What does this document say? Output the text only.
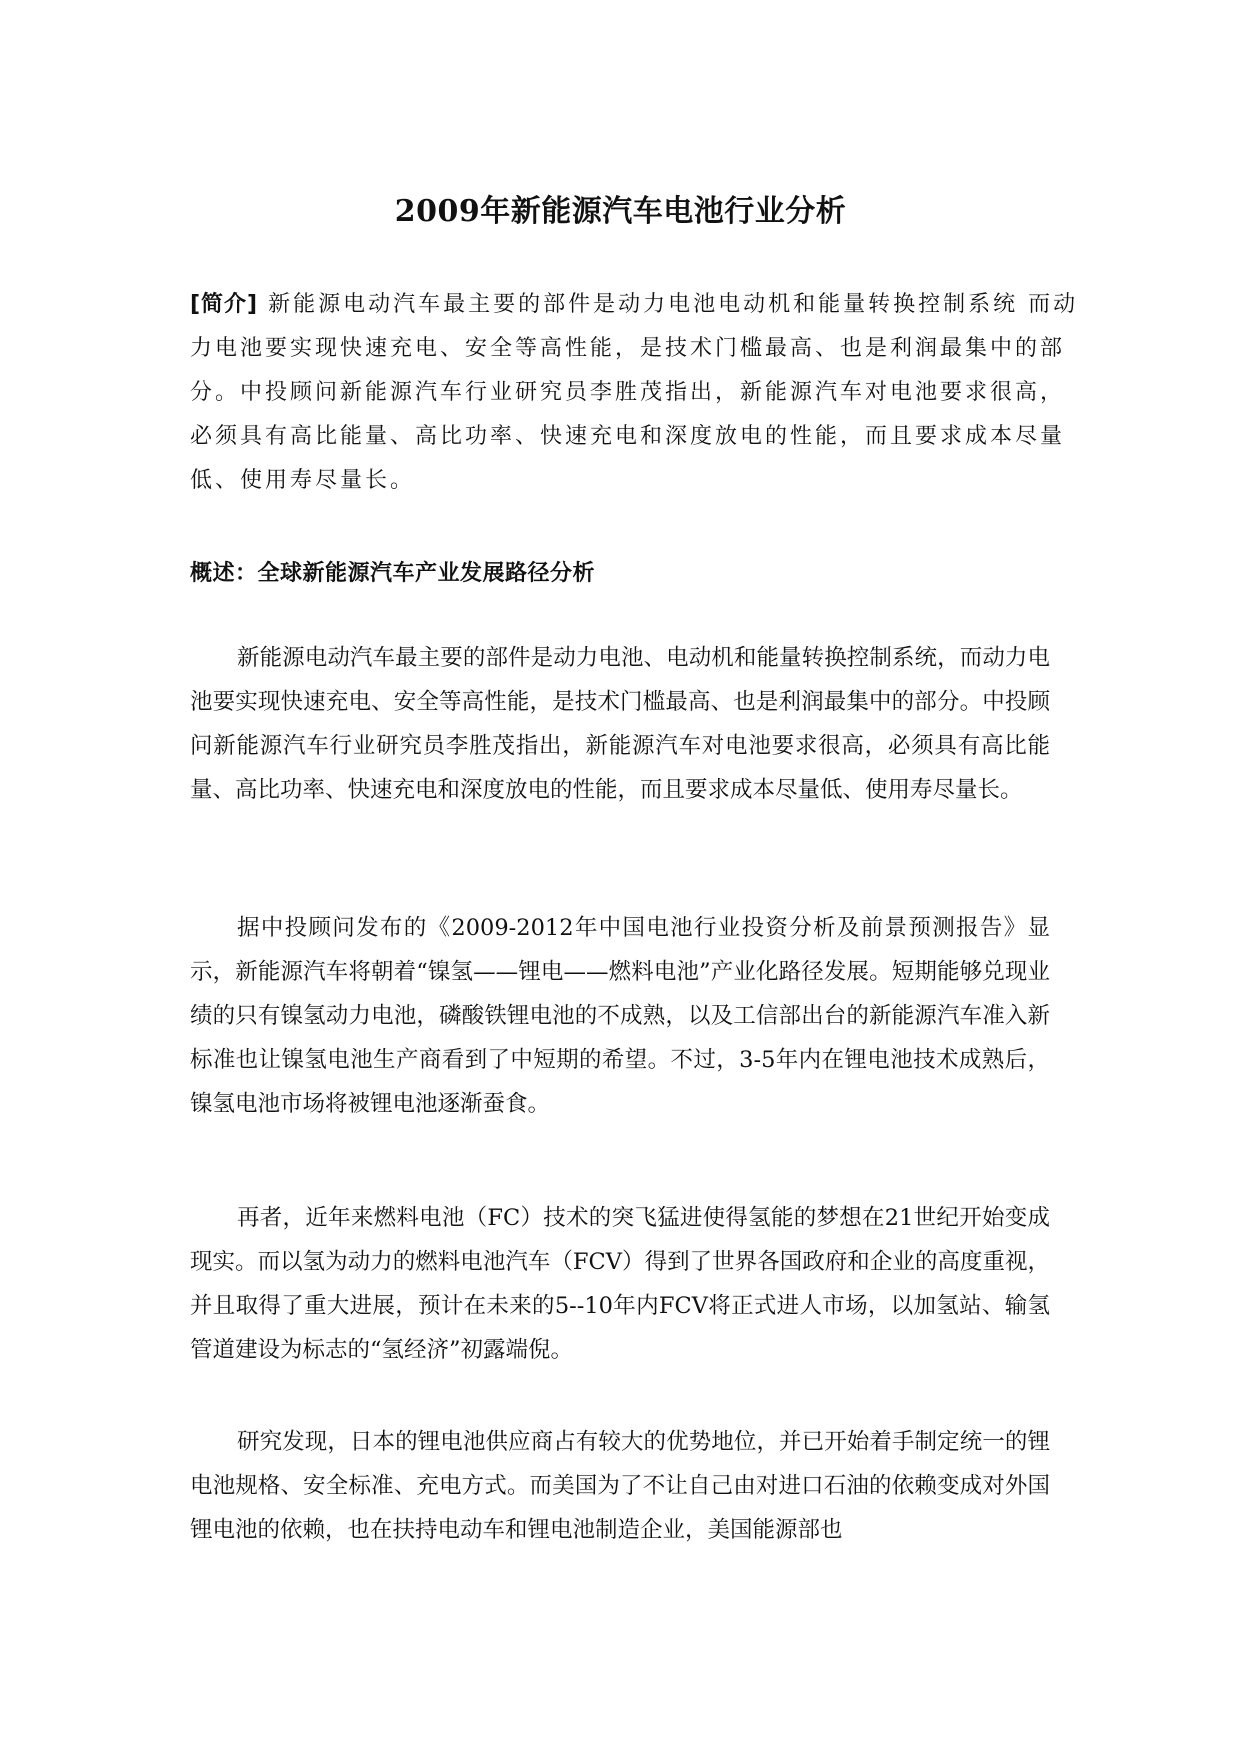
2009年新能源汽车电池行业分析

[简介] 新能源电动汽车最主要的部件是动力电池电动机和能量转换控制系统 而动力电池要实现快速充电、安全等高性能，是技术门槛最高、也是利润最集中的部分。中投顾问新能源汽车行业研究员李胜茂指出，新能源汽车对电池要求很高，必须具有高比能量、高比功率、快速充电和深度放电的性能，而且要求成本尽量低、使用寿尽量长。

概述：全球新能源汽车产业发展路径分析

新能源电动汽车最主要的部件是动力电池、电动机和能量转换控制系统，而动力电池要实现快速充电、安全等高性能，是技术门槛最高、也是利润最集中的部分。中投顾问新能源汽车行业研究员李胜茂指出，新能源汽车对电池要求很高，必须具有高比能量、高比功率、快速充电和深度放电的性能，而且要求成本尽量低、使用寿尽量长。

据中投顾问发布的《2009-2012年中国电池行业投资分析及前景预测报告》显示，新能源汽车将朝着“镍氢——锂电——燃料电池”产业化路径发展。短期能够兑现业绩的只有镍氢动力电池，磷酸铁锂电池的不成熟，以及工信部出台的新能源汽车准入新标准也让镍氢电池生产商看到了中短期的希望。不过，3-5年内在锂电池技术成熟后，镍氢电池市场将被锂电池逐渐蚕食。

再者，近年来燃料电池（FC）技术的突飞猛进使得氢能的梦想在21世纪开始变成现实。而以氢为动力的燃料电池汽车（FCV）得到了世界各国政府和企业的高度重视，并且取得了重大进展，预计在未来的5--10年内FCV将正式进人市场，以加氢站、输氢管道建设为标志的“氢经济”初露端倪。

研究发现，日本的锂电池供应商占有较大的优势地位，并已开始着手制定统一的锂电池规格、安全标准、充电方式。而美国为了不让自己由对进口石油的依赖变成对外国锂电池的依赖，也在扶持电动车和锂电池制造企业，美国能源部也
